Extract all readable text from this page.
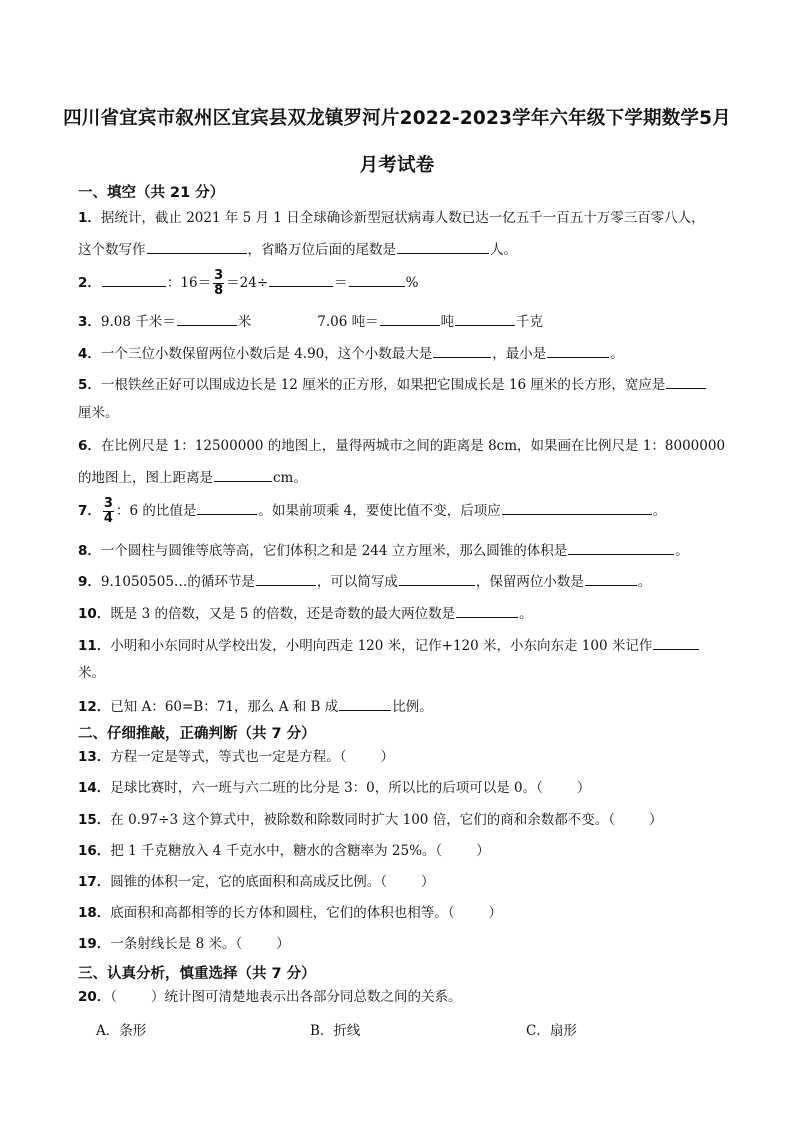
四川省宜宾市叙州区宜宾县双龙镇罗河片2022-2023学年六年级下学期数学5月
月考试卷
一、填空（共 21 分）
1．据统计，截止 2021 年 5 月 1 日全球确诊新型冠状病毒人数已达一亿五千一百五十万零三百零八人，
这个数写作	，省略万位后面的尾数是	人。
2．	：$16= \frac{3}{8} =24\div$	＝	%
3．9.08 千米＝	米	7.06 吨＝	吨	千克
4．一个三位小数保留两位小数后是 4.90，这个小数最大是	，最小是	。
5．一根铁丝正好可以围成边长是 12 厘米的正方形，如果把它围成长是 16 厘米的长方形，宽应是
厘米。
6．在比例尺是 1：12500000 的地图上，量得两城市之间的距离是 8cm，如果画在比例尺是 1：8000000
的地图上，图上距离是	cm。
7． $\frac{3}{4}$ ：6 的比值是	。如果前项乘 4，要使比值不变，后项应	。
8．一个圆柱与圆锥等底等高，它们体积之和是 244 立方厘米，那么圆锥的体积是	。
9．9.1050505…的循环节是	，可以简写成	，保留两位小数是	。
10．既是 3 的倍数，又是 5 的倍数，还是奇数的最大两位数是	。
11．小明和小东同时从学校出发，小明向西走 120 米，记作+120 米，小东向东走 100 米记作
米。
12．已知 A：60=B：71，那么 A 和 B 成	比例。
二、仔细推敲，正确判断（共 7 分）
13．方程一定是等式，等式也一定是方程。（	）
14．足球比赛时，六一班与六二班的比分是 3：0，所以比的后项可以是 0。（	）
15．在 0.97÷3 这个算式中，被除数和除数同时扩大 100 倍，它们的商和余数都不变。（	）
16．把 1 千克糖放入 4 千克水中，糖水的含糖率为 25%。（	）
17．圆锥的体积一定，它的底面积和高成反比例。（	）
18．底面积和高都相等的长方体和圆柱，它们的体积也相等。（	）
19．一条射线长是 8 米。（	）
三、认真分析，慎重选择（共 7 分）
20．（	）统计图可清楚地表示出各部分同总数之间的关系。
A．条形	B．折线	C．扇形
